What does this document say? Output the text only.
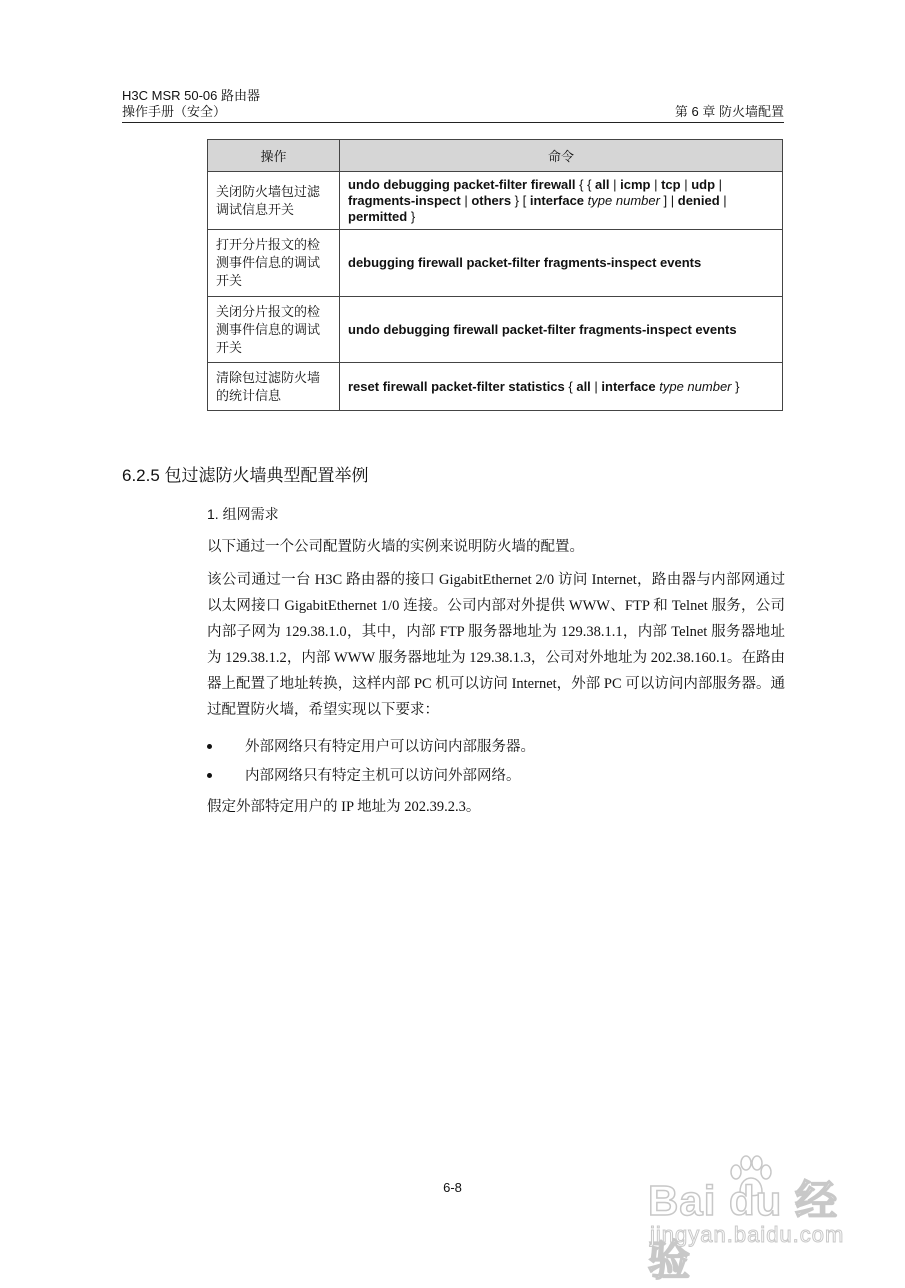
H3C MSR 50-06 路由器
操作手册（安全）	第 6 章 防火墙配置
操作	命令
关闭防火墙包过滤调试信息开关	undo debugging packet-filter firewall { { all | icmp | tcp | udp | fragments-inspect | others } [ interface type number ] | denied | permitted }
打开分片报文的检测事件信息的调试开关	debugging firewall packet-filter fragments-inspect events
关闭分片报文的检测事件信息的调试开关	undo debugging firewall packet-filter fragments-inspect events
清除包过滤防火墙的统计信息	reset firewall packet-filter statistics { all | interface type number }
6.2.5 包过滤防火墙典型配置举例
1. 组网需求
以下通过一个公司配置防火墙的实例来说明防火墙的配置。
该公司通过一台 H3C 路由器的接口 GigabitEthernet 2/0 访问 Internet，路由器与内部网通过以太网接口 GigabitEthernet 1/0 连接。公司内部对外提供 WWW、FTP 和 Telnet 服务，公司内部子网为 129.38.1.0，其中，内部 FTP 服务器地址为 129.38.1.1，内部 Telnet 服务器地址为 129.38.1.2，内部 WWW 服务器地址为 129.38.1.3，公司对外地址为 202.38.160.1。在路由器上配置了地址转换，这样内部 PC 机可以访问 Internet，外部 PC 可以访问内部服务器。通过配置防火墙，希望实现以下要求：
外部网络只有特定用户可以访问内部服务器。
内部网络只有特定主机可以访问外部网络。
假定外部特定用户的 IP 地址为 202.39.2.3。
6-8	Bai du 经验
jingyan.baidu.com
